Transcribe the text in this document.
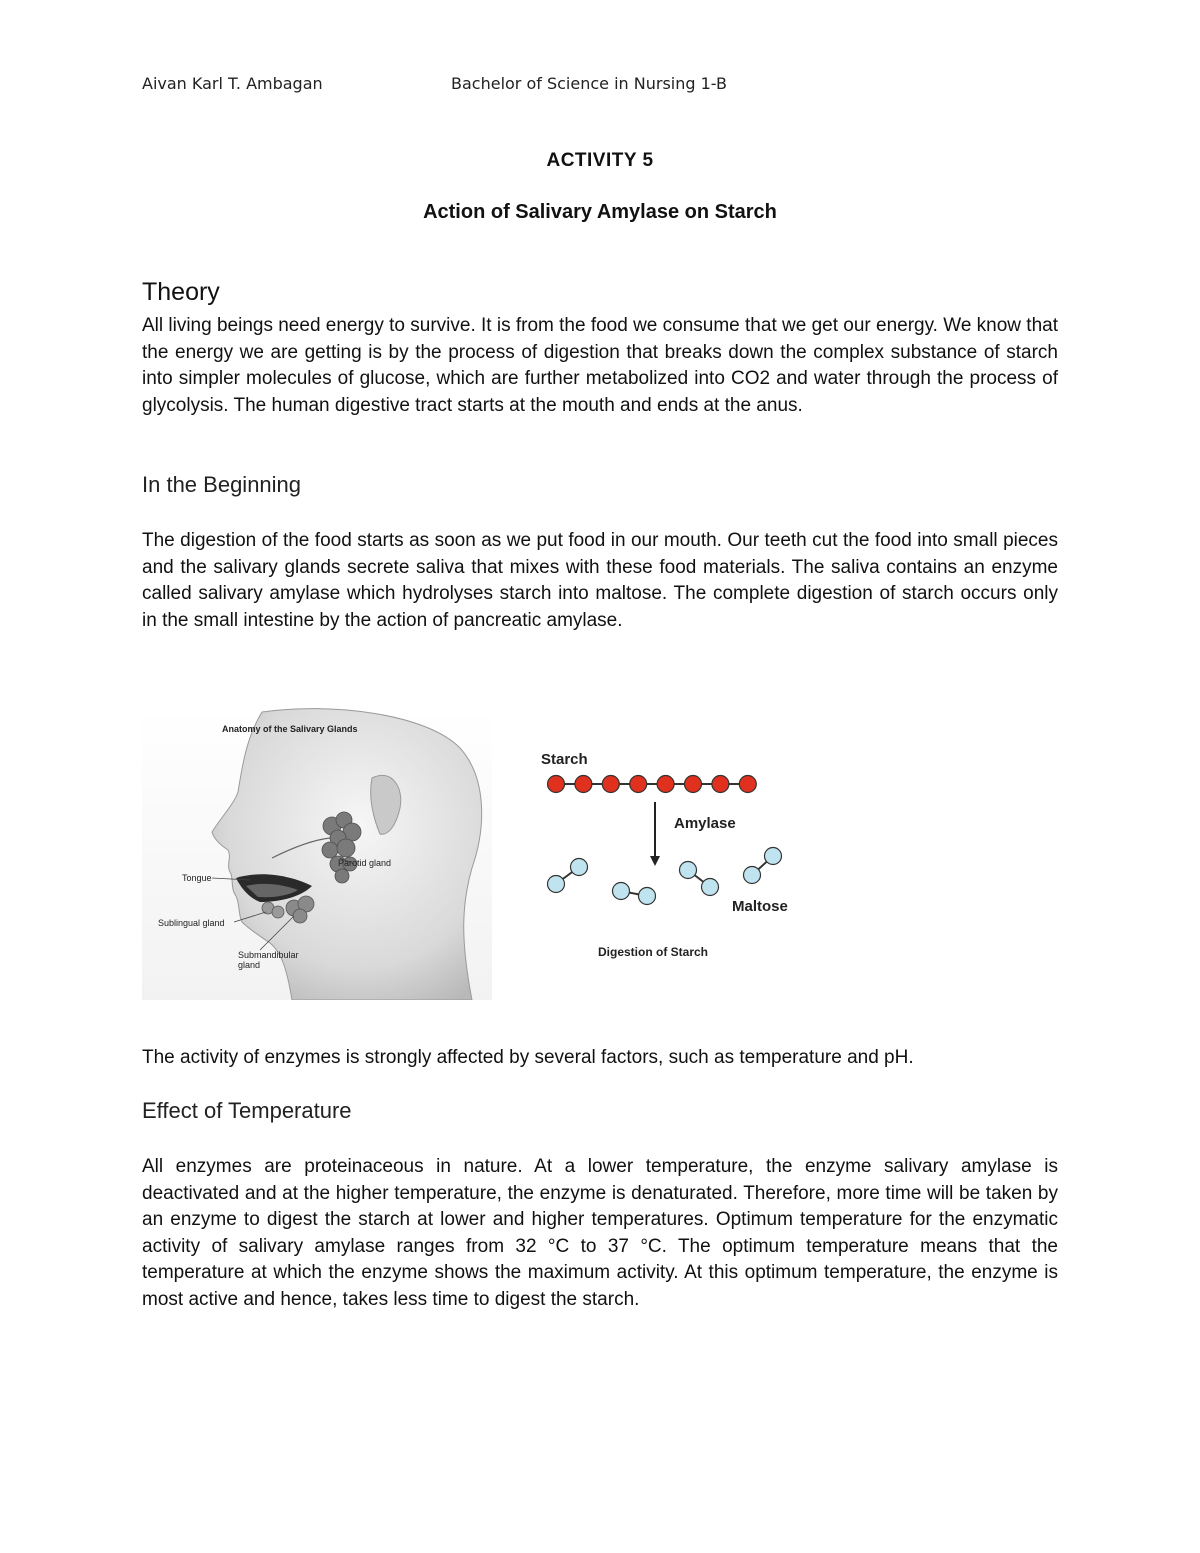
Aivan Karl T. Ambagan	Bachelor of Science in Nursing 1-B
ACTIVITY 5
Action of Salivary Amylase on Starch
Theory
All living beings need energy to survive. It is from the food we consume that we get our energy. We know that the energy we are getting is by the process of digestion that breaks down the complex substance of starch into simpler molecules of glucose, which are further metabolized into CO2 and water through the process of glycolysis. The human digestive tract starts at the mouth and ends at the anus.
In the Beginning
The digestion of the food starts as soon as we put food in our mouth. Our teeth cut the food into small pieces and the salivary glands secrete saliva that mixes with these food materials. The saliva contains an enzyme called salivary amylase which hydrolyses starch into maltose. The complete digestion of starch occurs only in the small intestine by the action of pancreatic amylase.
Anatomy of the Salivary Glands
Tongue
Parotid gland
Sublingual gland
Submandibular
gland
Starch
Amylase
Maltose
Digestion of Starch
The activity of enzymes is strongly affected by several factors, such as temperature and pH.
Effect of Temperature
All enzymes are proteinaceous in nature. At a lower temperature, the enzyme salivary amylase is deactivated and at the higher temperature, the enzyme is denaturated. Therefore, more time will be taken by an enzyme to digest the starch at lower and higher temperatures. Optimum temperature for the enzymatic activity of salivary amylase ranges from 32 °C to 37 °C. The optimum temperature means that the temperature at which the enzyme shows the maximum activity. At this optimum temperature, the enzyme is most active and hence, takes less time to digest the starch.
